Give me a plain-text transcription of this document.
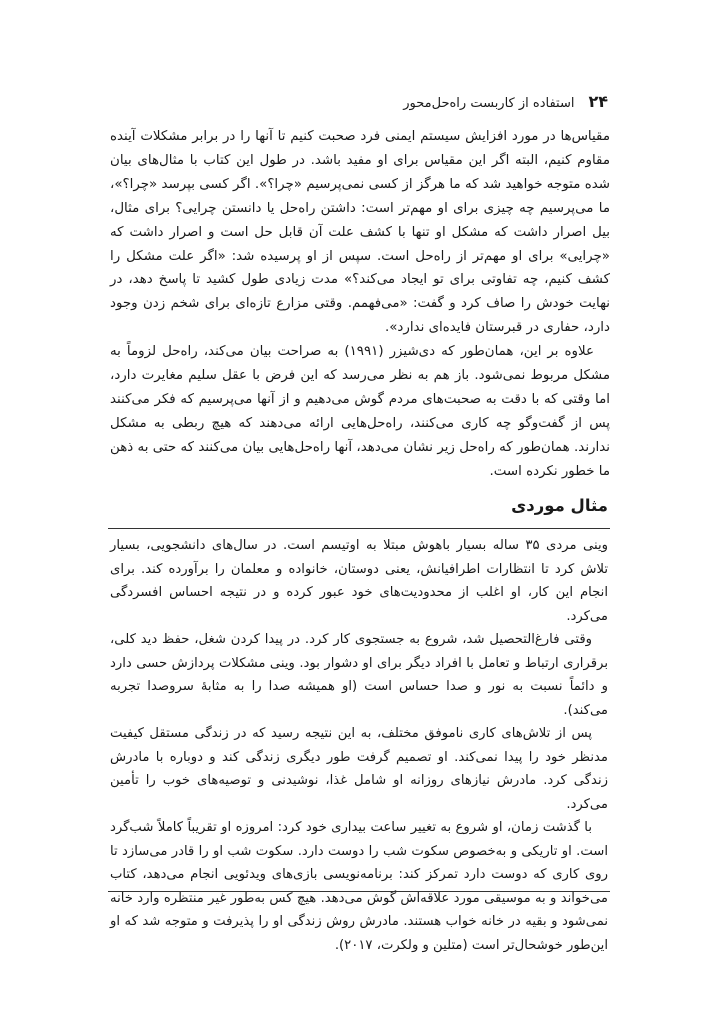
۲۴
استفاده از کاربست راه‌حل‌محور

مقیاس‌ها در مورد افزایش سیستم ایمنی فرد صحبت کنیم تا آنها را در برابر مشکلات آینده مقاوم کنیم، البته اگر این مقیاس برای او مفید باشد. در طول این کتاب با مثال‌های بیان شده متوجه خواهید شد که ما هرگز از کسی نمی‌پرسیم «چرا؟». اگر کسی بپرسد «چرا؟»، ما می‌پرسیم چه چیزی برای او مهم‌تر است: داشتن راه‌حل یا دانستن چرایی؟ برای مثال، بیل اصرار داشت که مشکل او تنها با کشف علت آن قابل حل است و اصرار داشت که «چرایی» برای او مهم‌تر از راه‌حل است. سپس از او پرسیده شد: «اگر علت مشکل را کشف کنیم، چه تفاوتی برای تو ایجاد می‌کند؟» مدت زیادی طول کشید تا پاسخ دهد، در نهایت خودش را صاف کرد و گفت: «می‌فهمم. وقتی مزارع تازه‌ای برای شخم زدن وجود دارد، حفاری در قبرستان فایده‌ای ندارد».

علاوه بر این، همان‌طور که دی‌شیزر (۱۹۹۱) به صراحت بیان می‌کند، راه‌حل لزوماً به مشکل مربوط نمی‌شود. باز هم به نظر می‌رسد که این فرض با عقل سلیم مغایرت دارد، اما وقتی که با دقت به صحبت‌های مردم گوش می‌دهیم و از آنها می‌پرسیم که فکر می‌کنند پس از گفت‌وگو چه کاری می‌کنند، راه‌حل‌هایی ارائه می‌دهند که هیچ ربطی به مشکل ندارند. همان‌طور که راه‌حل زیر نشان می‌دهد، آنها راه‌حل‌هایی بیان می‌کنند که حتی به ذهن ما خطور نکرده است.

مثال موردی

وینی مردی ۳۵ ساله بسیار باهوش مبتلا به اوتیسم است. در سال‌های دانشجویی، بسیار تلاش کرد تا انتظارات اطرافیانش، یعنی دوستان، خانواده و معلمان را برآورده کند. برای انجام این کار، او اغلب از محدودیت‌های خود عبور کرده و در نتیجه احساس افسردگی می‌کرد.

وقتی فارغ‌التحصیل شد، شروع به جستجوی کار کرد. در پیدا کردن شغل، حفظ دید کلی، برقراری ارتباط و تعامل با افراد دیگر برای او دشوار بود. وینی مشکلات پردازش حسی دارد و دائماً نسبت به نور و صدا حساس است (او همیشه صدا را به مثابهٔ سروصدا تجربه می‌کند).

پس از تلاش‌های کاری ناموفق مختلف، به این نتیجه رسید که در زندگی مستقل کیفیت مدنظر خود را پیدا نمی‌کند. او تصمیم گرفت طور دیگری زندگی کند و دوباره با مادرش زندگی کرد. مادرش نیازهای روزانه او شامل غذا، نوشیدنی و توصیه‌های خوب را تأمین می‌کرد.

با گذشت زمان، او شروع به تغییر ساعت بیداری خود کرد: امروزه او تقریباً کاملاً شب‌گرد است. او تاریکی و به‌خصوص سکوت شب را دوست دارد. سکوت شب او را قادر می‌سازد تا روی کاری که دوست دارد تمرکز کند: برنامه‌نویسی بازی‌های ویدئویی انجام می‌دهد، کتاب می‌خواند و به موسیقی مورد علاقه‌اش گوش می‌دهد. هیچ کس به‌طور غیر منتظره وارد خانه نمی‌شود و بقیه در خانه خواب هستند. مادرش روش زندگی او را پذیرفت و متوجه شد که او این‌طور خوشحال‌تر است (متلین و ولکرت، ۲۰۱۷).
